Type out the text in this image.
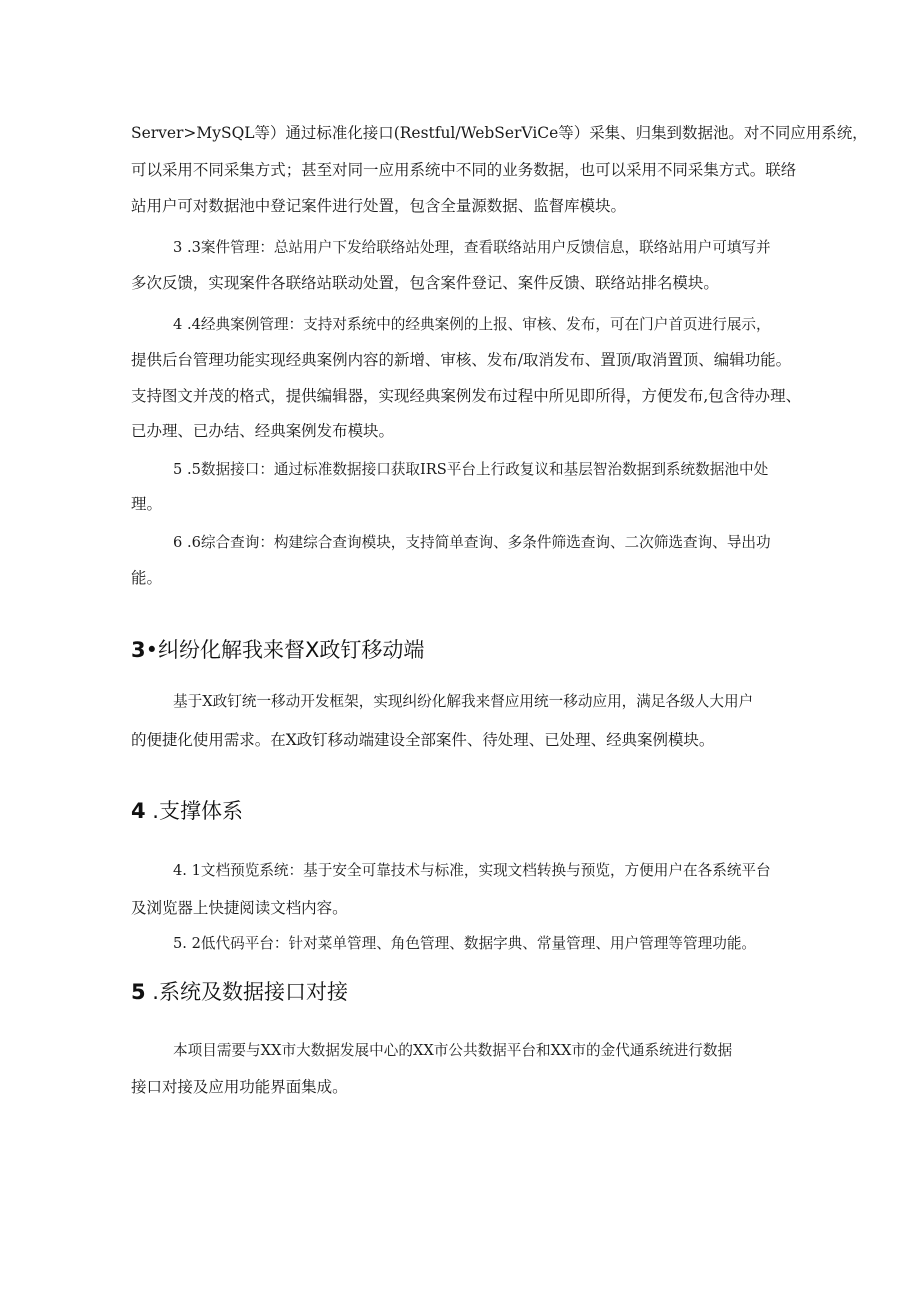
Server>MySQL等）通过标准化接口(Restful/WebSerViCe等）采集、归集到数据池。对不同应用系统，
可以采用不同采集方式；甚至对同一应用系统中不同的业务数据，也可以采用不同采集方式。联络
站用户可对数据池中登记案件进行处置，包含全量源数据、监督库模块。
3 .3案件管理：总站用户下发给联络站处理，查看联络站用户反馈信息，联络站用户可填写并
多次反馈，实现案件各联络站联动处置，包含案件登记、案件反馈、联络站排名模块。
4 .4经典案例管理：支持对系统中的经典案例的上报、审核、发布，可在门户首页进行展示，
提供后台管理功能实现经典案例内容的新增、审核、发布/取消发布、置顶/取消置顶、编辑功能。
支持图文并茂的格式，提供编辑器，实现经典案例发布过程中所见即所得，方便发布,包含待办理、
已办理、已办结、经典案例发布模块。
5 .5数据接口：通过标准数据接口获取IRS平台上行政复议和基层智治数据到系统数据池中处
理。
6 .6综合查询：构建综合查询模块，支持简单查询、多条件筛选查询、二次筛选查询、导出功
能。
3•纠纷化解我来督X政钉移动端
基于X政钉统一移动开发框架，实现纠纷化解我来督应用统一移动应用，满足各级人大用户
的便捷化使用需求。在X政钉移动端建设全部案件、待处理、已处理、经典案例模块。
4 .支撑体系
4. 1文档预览系统：基于安全可靠技术与标准，实现文档转换与预览，方便用户在各系统平台
及浏览器上快捷阅读文档内容。
5. 2低代码平台：针对菜单管理、角色管理、数据字典、常量管理、用户管理等管理功能。
5 .系统及数据接口对接
本项目需要与XX市大数据发展中心的XX市公共数据平台和XX市的金代通系统进行数据
接口对接及应用功能界面集成。
